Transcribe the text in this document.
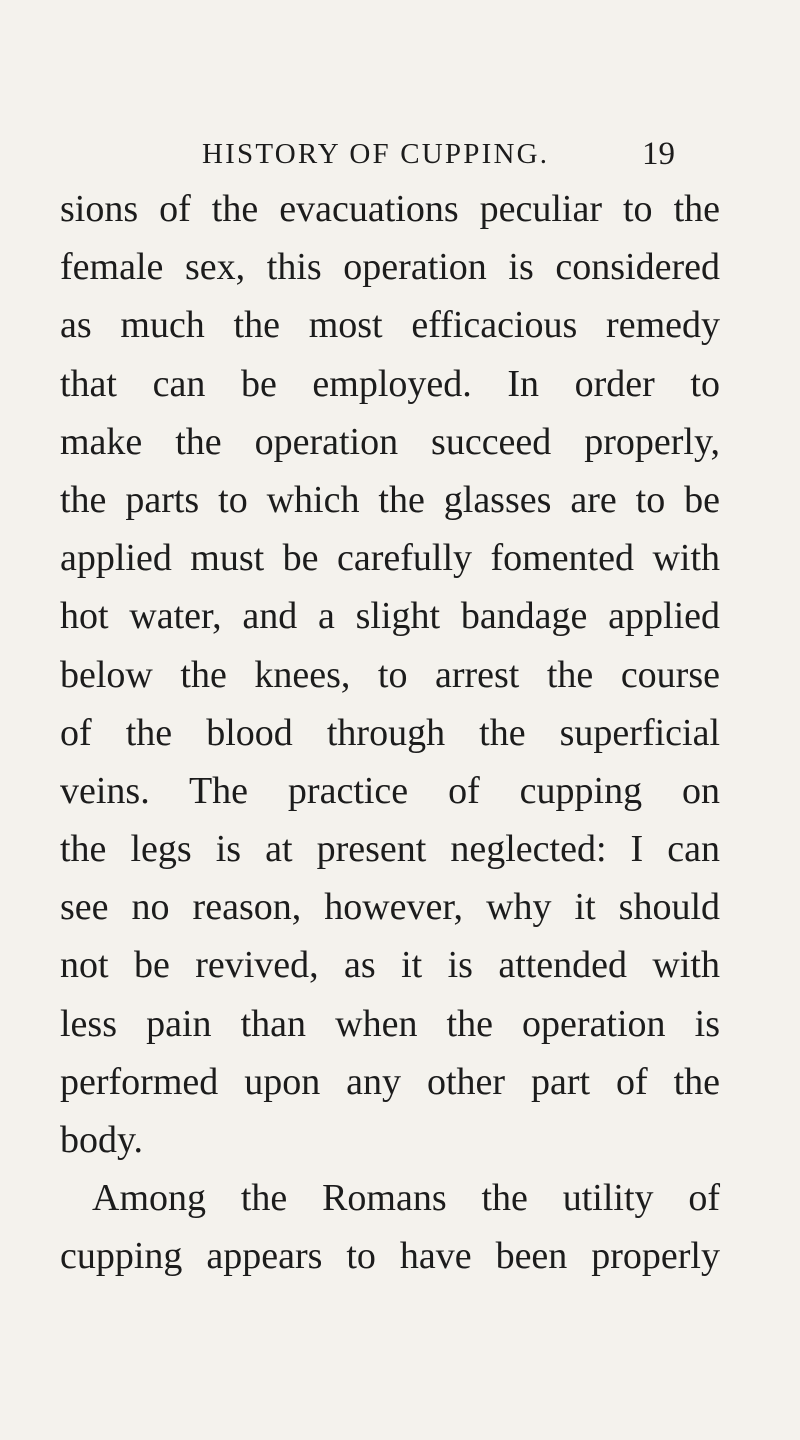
HISTORY OF CUPPING.	19
sions of the evacuations peculiar to the
female sex, this operation is considered
as much the most efficacious remedy
that can be employed. In order to
make the operation succeed properly,
the parts to which the glasses are to be
applied must be carefully fomented with
hot water, and a slight bandage applied
below the knees, to arrest the course
of the blood through the superficial
veins. The practice of cupping on
the legs is at present neglected: I can
see no reason, however, why it should
not be revived, as it is attended with
less pain than when the operation is
performed upon any other part of the
body.
Among the Romans the utility of
cupping appears to have been properly
